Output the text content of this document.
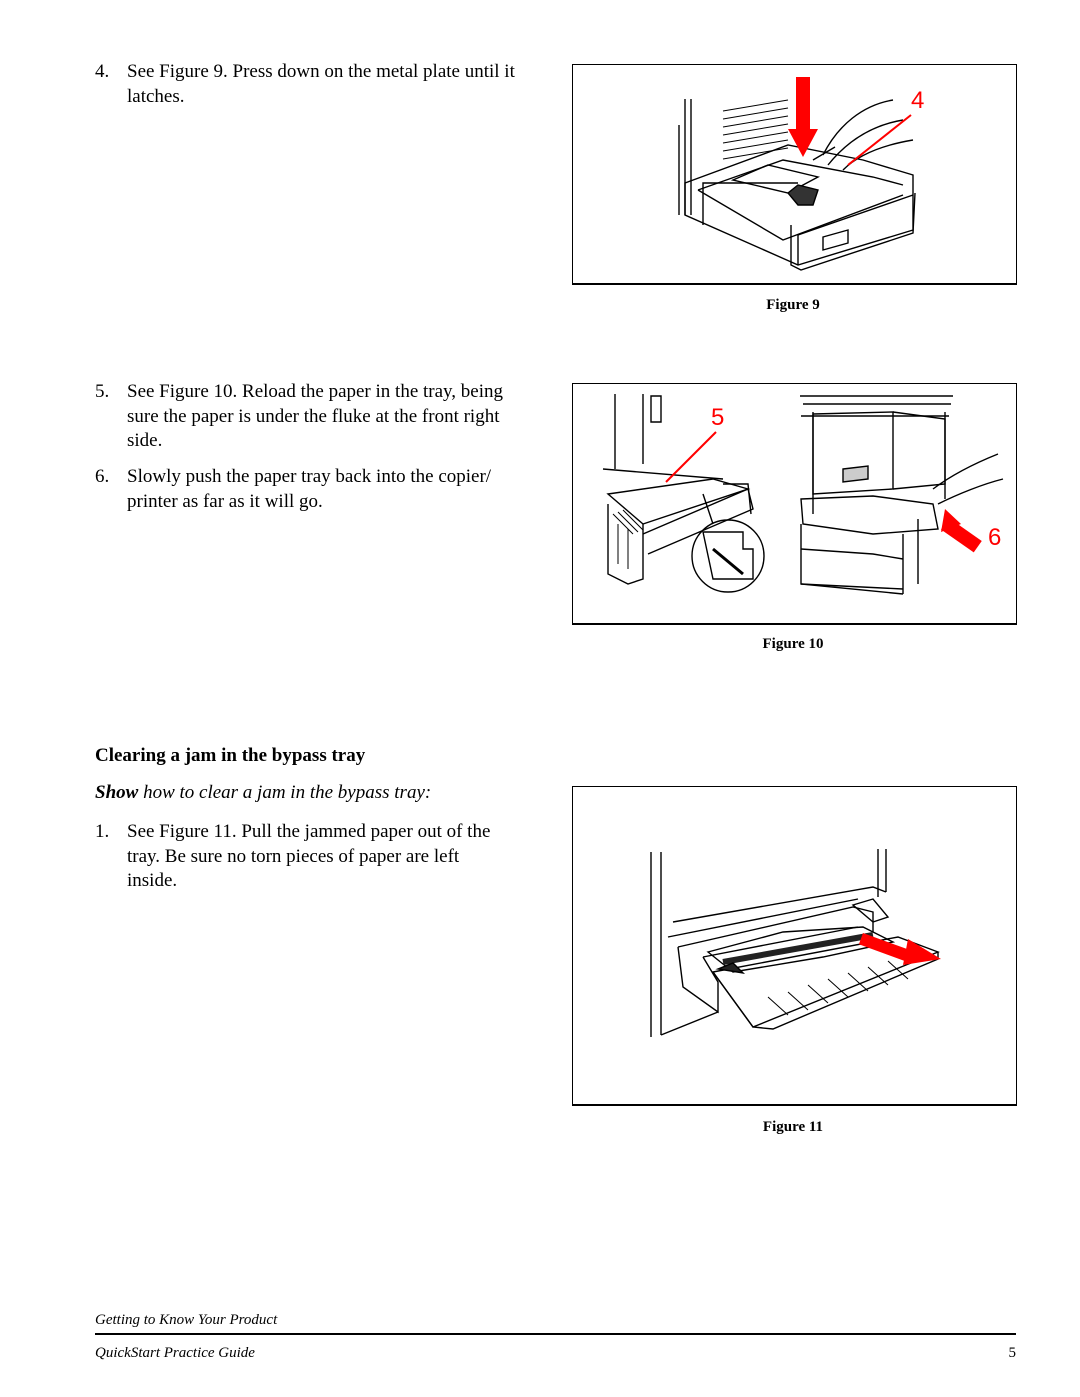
4. See Figure 9. Press down on the metal plate until it
latches.	4
Figure 9
5. See Figure 10. Reload the paper in the tray, being
sure the paper is under the fluke at the front right
side.
6. Slowly push the paper tray back into the copier/
printer as far as it will go.
5
6
Figure 10
Clearing a jam in the bypass tray
Show how to clear a jam in the bypass tray:
1. See Figure 11. Pull the jammed paper out of the
tray. Be sure no torn pieces of paper are left
inside.
Figure 11
Getting to Know Your Product
QuickStart Practice Guide	5
